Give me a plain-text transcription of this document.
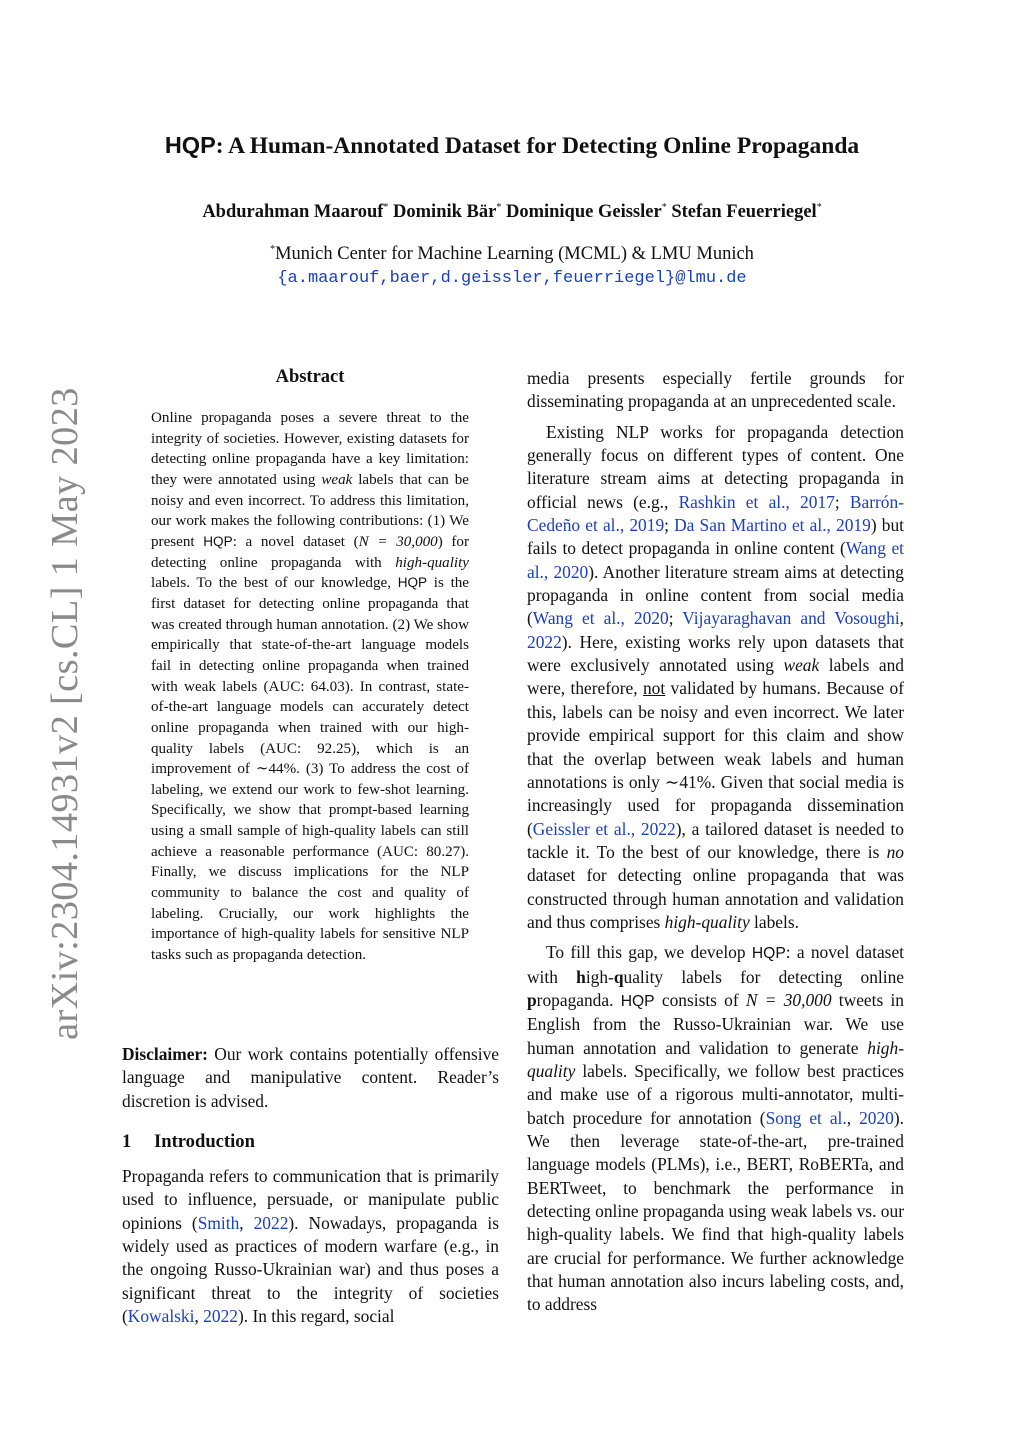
arXiv:2304.14931v2 [cs.CL] 1 May 2023
HQP: A Human-Annotated Dataset for Detecting Online Propaganda
Abdurahman Maarouf* Dominik Bär* Dominique Geissler* Stefan Feuerriegel*
*Munich Center for Machine Learning (MCML) & LMU Munich
{a.maarouf,baer,d.geissler,feuerriegel}@lmu.de
Abstract
Online propaganda poses a severe threat to the integrity of societies. However, existing datasets for detecting online propaganda have a key limitation: they were annotated using weak labels that can be noisy and even incorrect. To address this limitation, our work makes the following contributions: (1) We present HQP: a novel dataset (N = 30,000) for detecting online propaganda with high-quality labels. To the best of our knowledge, HQP is the first dataset for detecting online propaganda that was created through human annotation. (2) We show empirically that state-of-the-art language models fail in detecting online propaganda when trained with weak labels (AUC: 64.03). In contrast, state-of-the-art language models can accurately detect online propaganda when trained with our high-quality labels (AUC: 92.25), which is an improvement of ∼44%. (3) To address the cost of labeling, we extend our work to few-shot learning. Specifically, we show that prompt-based learning using a small sample of high-quality labels can still achieve a reasonable performance (AUC: 80.27). Finally, we discuss implications for the NLP community to balance the cost and quality of labeling. Crucially, our work highlights the importance of high-quality labels for sensitive NLP tasks such as propaganda detection.
Disclaimer: Our work contains potentially offensive language and manipulative content. Reader’s discretion is advised.
1 Introduction
Propaganda refers to communication that is primarily used to influence, persuade, or manipulate public opinions (Smith, 2022). Nowadays, propaganda is widely used as practices of modern warfare (e.g., in the ongoing Russo-Ukrainian war) and thus poses a significant threat to the integrity of societies (Kowalski, 2022). In this regard, social

media presents especially fertile grounds for disseminating propaganda at an unprecedented scale.

Existing NLP works for propaganda detection generally focus on different types of content. One literature stream aims at detecting propaganda in official news (e.g., Rashkin et al., 2017; Barrón-Cedeño et al., 2019; Da San Martino et al., 2019) but fails to detect propaganda in online content (Wang et al., 2020). Another literature stream aims at detecting propaganda in online content from social media (Wang et al., 2020; Vijayaraghavan and Vosoughi, 2022). Here, existing works rely upon datasets that were exclusively annotated using weak labels and were, therefore, not validated by humans. Because of this, labels can be noisy and even incorrect. We later provide empirical support for this claim and show that the overlap between weak labels and human annotations is only ∼41%. Given that social media is increasingly used for propaganda dissemination (Geissler et al., 2022), a tailored dataset is needed to tackle it. To the best of our knowledge, there is no dataset for detecting online propaganda that was constructed through human annotation and validation and thus comprises high-quality labels.

To fill this gap, we develop HQP: a novel dataset with high-quality labels for detecting online propaganda. HQP consists of N = 30,000 tweets in English from the Russo-Ukrainian war. We use human annotation and validation to generate high-quality labels. Specifically, we follow best practices and make use of a rigorous multi-annotator, multi-batch procedure for annotation (Song et al., 2020). We then leverage state-of-the-art, pre-trained language models (PLMs), i.e., BERT, RoBERTa, and BERTweet, to benchmark the performance in detecting online propaganda using weak labels vs. our high-quality labels. We find that high-quality labels are crucial for performance. We further acknowledge that human annotation also incurs labeling costs, and, to address
